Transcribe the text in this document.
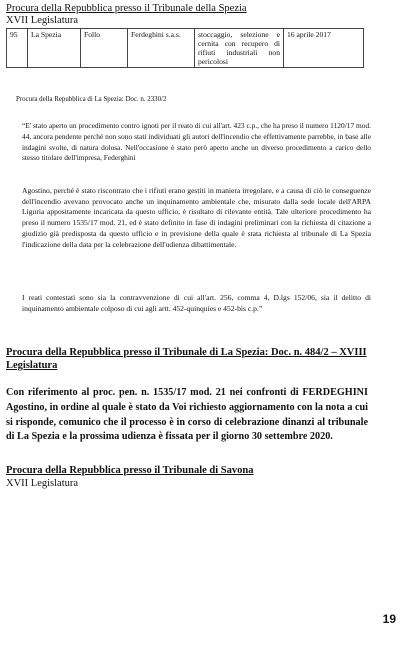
Procura della Repubblica presso il Tribunale della Spezia
XVII Legislatura
95	La Spezia	Follo	Ferdeghini s.a.s.	stoccaggio, selezione e cernita con recupero di rifiuti industriali non pericolosi	16 aprile 2017
Procura della Repubblica di La Spezia: Doc. n. 2330/2
“E' stato aperto un procedimento contro ignoti per il reato di cui all'art. 423 c.p., che ha preso il numero 1120/17 mod. 44, ancora pendente perché non sono stati individuati gli autori dell'incendio che effettivamente parrebbe, in base alle indagini svolte, di natura dolosa. Nell'occasione è stato però aperto anche un diverso procedimento a carico dello stesso titolare dell'impresa, Federghini
Agostino, perché è stato riscontrato che i rifiuti erano gestiti in maniera irregolare, e a causa di ciò le conseguenze dell'incendio avevano provocato anche un inquinamento ambientale che, misurato dalla sede locale dell'ARPA Liguria appositamente incaricata da questo ufficio, è risultato di rilevante entità. Tale ulteriore procedimento ha preso il numero 1535/17 mod. 21, ed è stato definito in fase di indagini preliminari con la richiesta di citazione a giudizio già predisposta da questo ufficio e in previsione della quale è stata richiesta al tribunale di La Spezia l'indicazione della data per la celebrazione dell'udienza dibattimentale.
I reati contestati sono sia la contravvenzione di cui all'art. 256, comma 4, D.lgs 152/06, sia il delitto di inquinamento ambientale colposo di cui agli artt. 452-quinquies e 452-bis c.p.”
Procura della Repubblica presso il Tribunale di La Spezia: Doc. n. 484/2 – XVIII Legislatura
Con riferimento al proc. pen. n. 1535/17 mod. 21 nei confronti di FERDEGHINI Agostino, in ordine al quale è stato da Voi richiesto aggiornamento con la nota a cui si risponde, comunico che il processo è in corso di celebrazione dinanzi al tribunale di La Spezia e la prossima udienza è fissata per il giorno 30 settembre 2020.
Procura della Repubblica presso il Tribunale di Savona
XVII Legislatura
19
